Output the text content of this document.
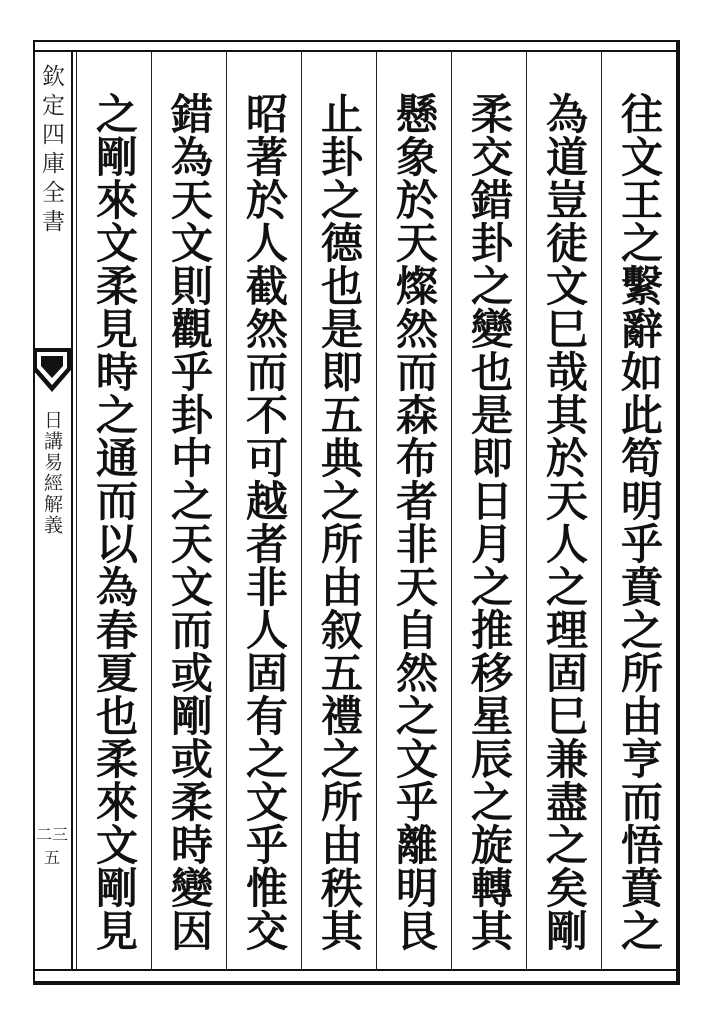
欽定四庫全書
日講易經解義
二三五	往文王之繫辭如此笱明乎賁之所由亨而悟賁之
為道豈徒文巳哉其於天人之理固巳兼盡之矣剛
柔交錯卦之變也是即日月之推移星辰之旋轉其
懸象於天燦然而森布者非天自然之文乎離明艮
止卦之德也是即五典之所由叙五禮之所由秩其
昭著於人截然而不可越者非人固有之文乎惟交
錯為天文則觀乎卦中之天文而或剛或柔時變因
之剛來文柔見時之通而以為春夏也柔來文剛見
